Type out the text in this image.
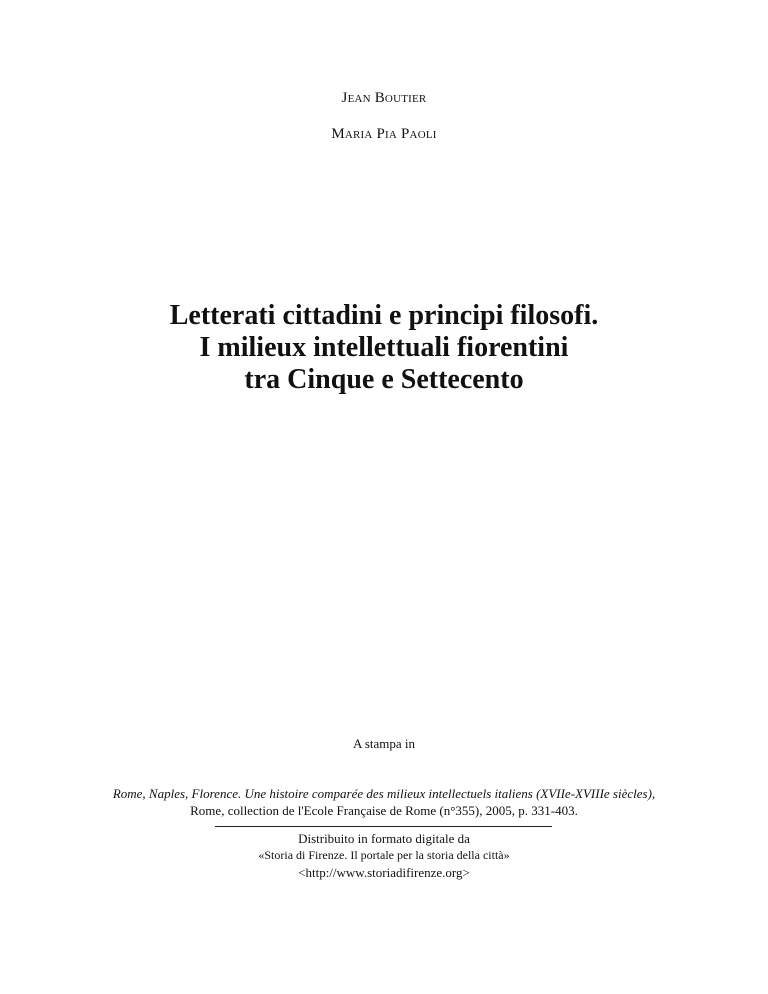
Jean Boutier
Maria Pia Paoli
Letterati cittadini e principi filosofi.
I milieux intellettuali fiorentini
tra Cinque e Settecento
A stampa in
Rome, Naples, Florence. Une histoire comparée des milieux intellectuels italiens (XVIIe-XVIIIe siècles),
Rome, collection de l'Ecole Française de Rome (n°355), 2005, p. 331-403.
Distribuito in formato digitale da
«Storia di Firenze. Il portale per la storia della città»
<http://www.storiadifirenze.org>
